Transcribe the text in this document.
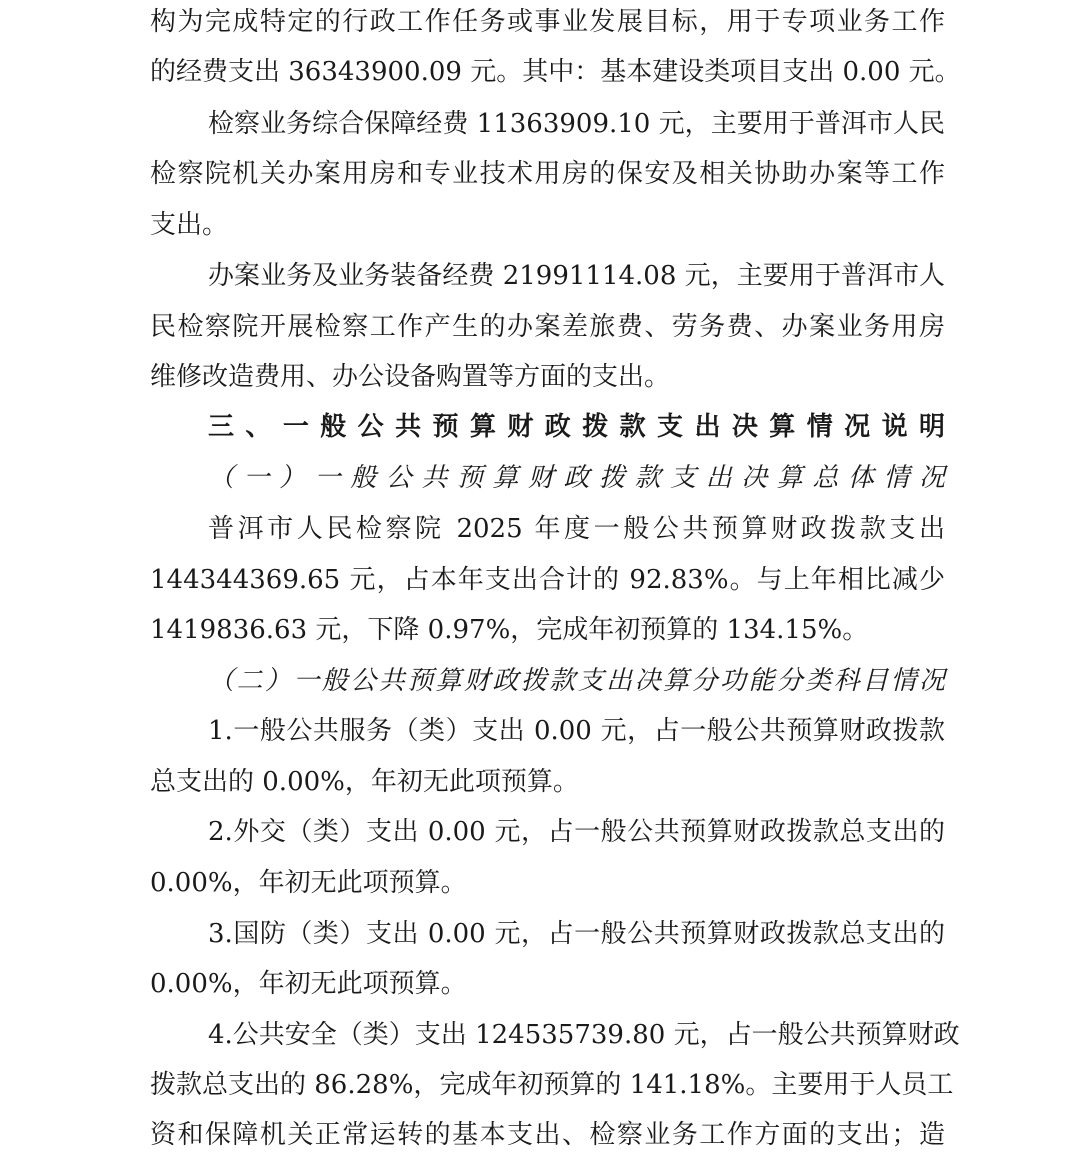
构为完成特定的行政工作任务或事业发展目标，用于专项业务工作
的经费支出 36343900.09 元。其中：基本建设类项目支出 0.00 元。
检察业务综合保障经费 11363909.10 元，主要用于普洱市人民
检察院机关办案用房和专业技术用房的保安及相关协助办案等工作
支出。
办案业务及业务装备经费 21991114.08 元，主要用于普洱市人
民检察院开展检察工作产生的办案差旅费、劳务费、办案业务用房
维修改造费用、办公设备购置等方面的支出。
三、一般公共预算财政拨款支出决算情况说明
（一）一般公共预算财政拨款支出决算总体情况
普洱市人民检察院 2025 年度一般公共预算财政拨款支出
144344369.65 元，占本年支出合计的 92.83%。与上年相比减少
1419836.63 元，下降 0.97%，完成年初预算的 134.15%。
（二）一般公共预算财政拨款支出决算分功能分类科目情况
1.一般公共服务（类）支出 0.00 元，占一般公共预算财政拨款
总支出的 0.00%，年初无此项预算。
2.外交（类）支出 0.00 元，占一般公共预算财政拨款总支出的
0.00%，年初无此项预算。
3.国防（类）支出 0.00 元，占一般公共预算财政拨款总支出的
0.00%，年初无此项预算。
4.公共安全（类）支出 124535739.80 元，占一般公共预算财政
拨款总支出的 86.28%，完成年初预算的 141.18%。主要用于人员工
资和保障机关正常运转的基本支出、检察业务工作方面的支出；造
